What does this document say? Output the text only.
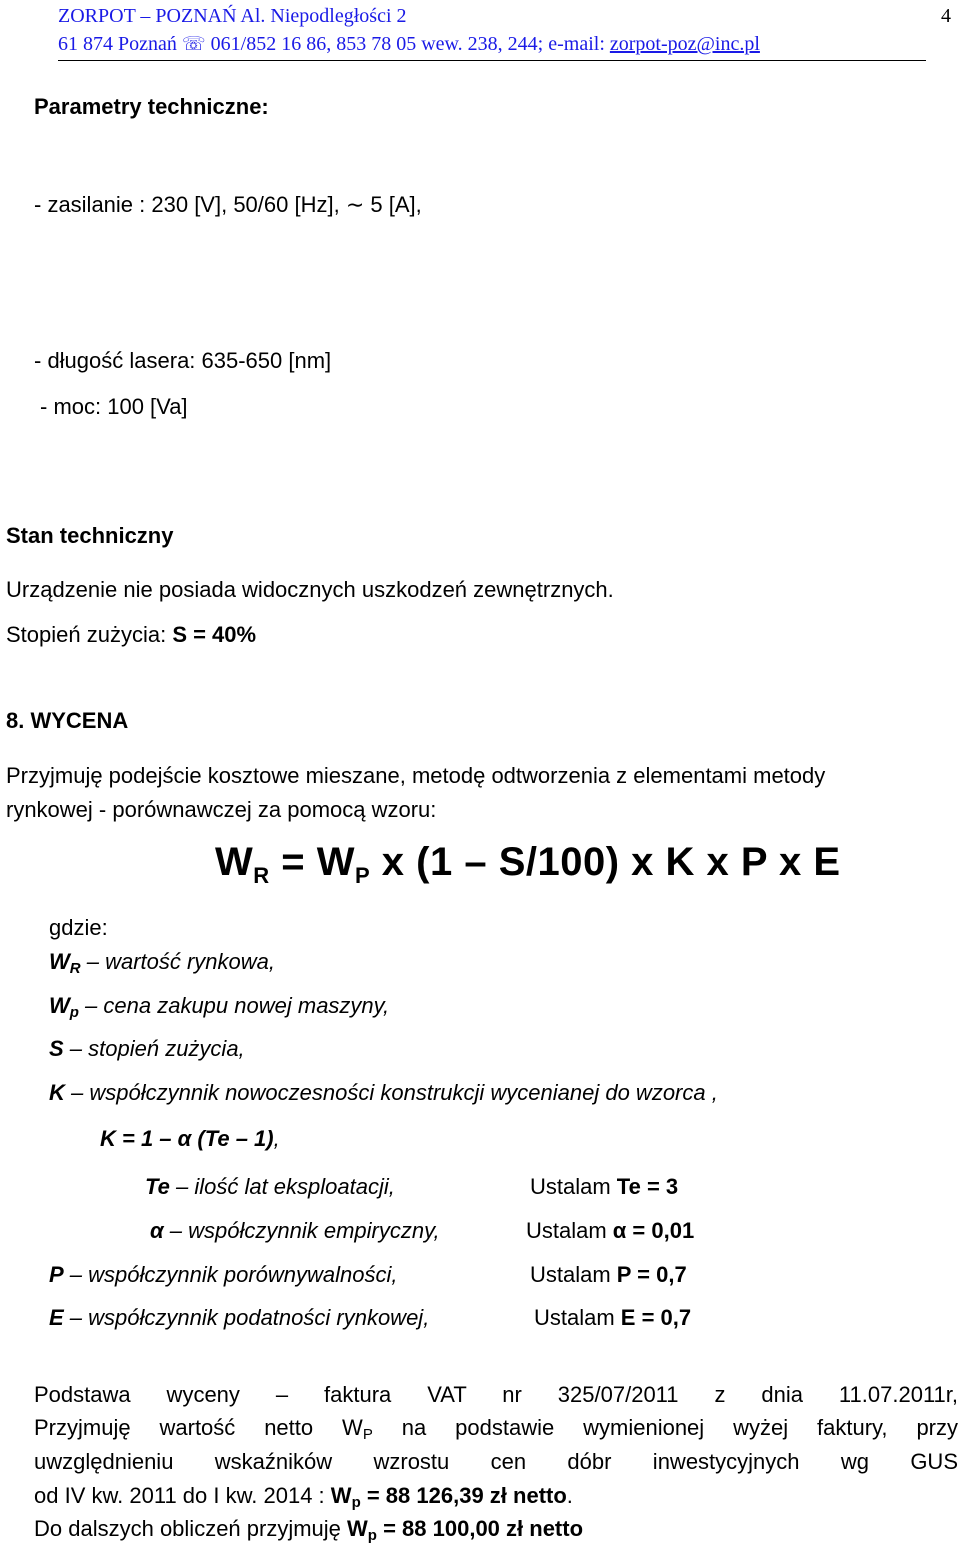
ZORPOT – POZNAŃ Al. Niepodległości 2	4
61 874 Poznań ☏ 061/852 16 86, 853 78 05 wew. 238, 244; e-mail: zorpot-poz@inc.pl
Parametry techniczne:
- zasilanie : 230 [V], 50/60 [Hz], ∼ 5 [A],
- długość lasera: 635-650 [nm]
- moc: 100 [Va]
Stan techniczny
Urządzenie nie posiada widocznych uszkodzeń zewnętrznych.
Stopień zużycia: S = 40%
8. WYCENA
Przyjmuję podejście kosztowe mieszane, metodę odtworzenia z elementami metody
rynkowej - porównawczej za pomocą wzoru:
$W_R = W_P$ x (1 – S/100) x K x P x E
gdzie:
$W_R$ – wartość rynkowa,
$W_p$ – cena zakupu nowej maszyny,
S – stopień zużycia,
K – współczynnik nowoczesności konstrukcji wycenianej do wzorca ,
K = 1 – α (Te – 1),
Te – ilość lat eksploatacji,	Ustalam Te = 3
α – współczynnik empiryczny,	Ustalam α = 0,01
P – współczynnik porównywalności,	Ustalam P = 0,7
E – współczynnik podatności rynkowej,	Ustalam E = 0,7
Podstawa wyceny – faktura VAT nr 325/07/2011 z dnia 11.07.2011r,
Przyjmuję wartość netto $W_P$ na podstawie wymienionej wyżej faktury, przy
uwzględnieniu wskaźników wzrostu cen dóbr inwestycyjnych wg GUS
od IV kw. 2011 do I kw. 2014 : $W_p = 88$ 126,39 zł netto.
Do dalszych obliczeń przyjmuję $W_p = 88$ 100,00 zł netto
